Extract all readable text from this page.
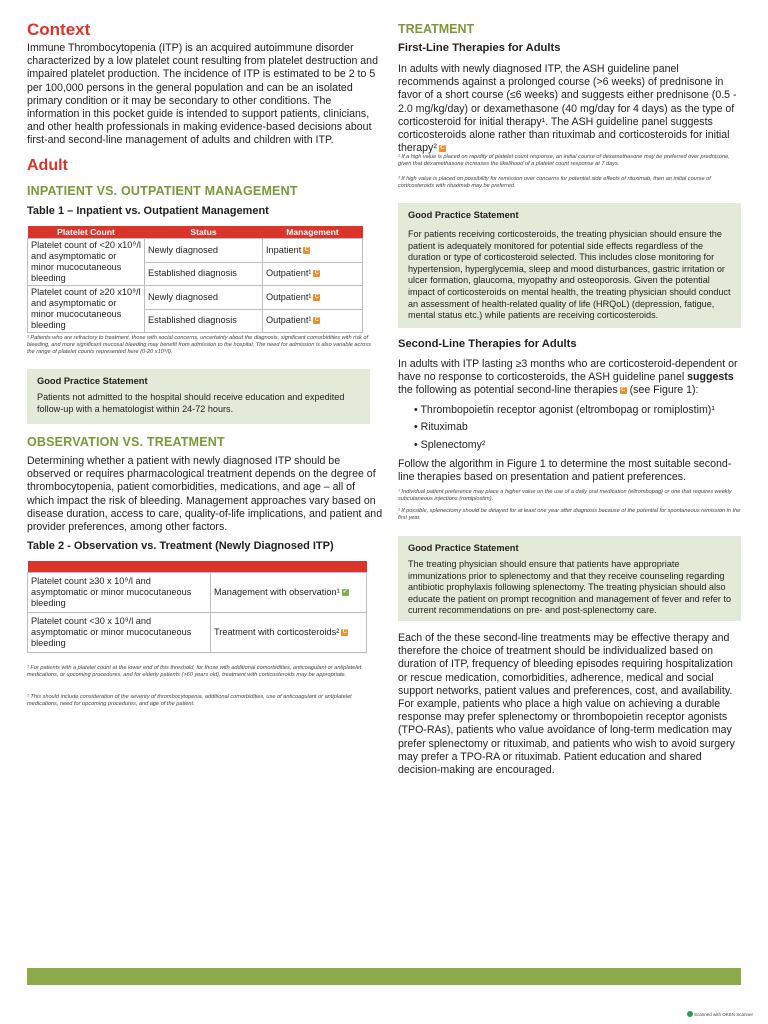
Context

Immune Thrombocytopenia (ITP) is an acquired autoimmune disorder characterized by a low platelet count resulting from platelet destruction and impaired platelet production. The incidence of ITP is estimated to be 2 to 5 per 100,000 persons in the general population and can be an isolated primary condition or it may be secondary to other conditions. The information in this pocket guide is intended to support patients, clinicians, and other health professionals in making evidence-based decisions about first-and second-line management of adults and children with ITP.

Adult
INPATIENT VS. OUTPATIENT MANAGEMENT
Table 1 – Inpatient vs. Outpatient Management
Platelet Count	Status	Management
Platelet count of <20 x10⁹/l and asymptomatic or minor mucocutaneous bleeding	Newly diagnosed	Inpatient C
	Established diagnosis	Outpatient¹ C
Platelet count of ≥20 x10⁹/l and asymptomatic or minor mucocutaneous bleeding	Newly diagnosed	Outpatient¹ C
	Established diagnosis	Outpatient¹ C

¹ Patients who are refractory to treatment, those with social concerns, uncertainty about the diagnosis, significant comorbidities with risk of bleeding, and more significant mucosal bleeding may benefit from admission to the hospital. The need for admission is also variable across the range of platelet counts represented here (0-20 x10⁹/l).

Good Practice Statement

Patients not admitted to the hospital should receive education and expedited follow-up with a hematologist within 24-72 hours.

OBSERVATION VS. TREATMENT

Determining whether a patient with newly diagnosed ITP should be observed or requires pharmacological treatment depends on the degree of thrombocytopenia, patient comorbidities, medications, and age – all of which impact the risk of bleeding. Management approaches vary based on disease duration, access to care, quality-of-life implications, and patient and provider preferences, among other factors.

Table 2 - Observation vs. Treatment (Newly Diagnosed ITP)

Platelet count ≥30 x 10⁹/l and asymptomatic or minor mucocutaneous bleeding	Management with observation¹ ✓
Platelet count <30 x 10⁹/l and asymptomatic or minor mucocutaneous bleeding	Treatment with corticosteroids² C

¹ For patients with a platelet count at the lower end of this threshold, for those with additional comorbidities, anticoagulant or antiplatelet medications, or upcoming procedures, and for elderly patients (>60 years old), treatment with corticosteroids may be appropriate.

² This should include consideration of the severity of thrombocytopenia, additional comorbidities, use of anticoagulant or antiplatelet medications, need for upcoming procedures, and age of the patient.

TREATMENT
First-Line Therapies for Adults

In adults with newly diagnosed ITP, the ASH guideline panel recommends against a prolonged course (>6 weeks) of prednisone in favor of a short course (≤6 weeks) and suggests either prednisone (0.5 - 2.0 mg/kg/day) or dexamethasone (40 mg/day for 4 days) as the type of corticosteroid for initial therapy¹. The ASH guideline panel suggests corticosteroids alone rather than rituximab and corticosteroids for initial therapy² C

¹ If a high value is placed on rapidity of platelet count response, an initial course of dexamethasone may be preferred over prednisone, given that dexamethasone increases the likelihood of a platelet count response at 7 days.

² If high value is placed on possibility for remission over concerns for potential side effects of rituximab, then an initial course of corticosteroids with rituximab may be preferred.

Good Practice Statement

For patients receiving corticosteroids, the treating physician should ensure the patient is adequately monitored for potential side effects regardless of the duration or type of corticosteroid selected. This includes close monitoring for hypertension, hyperglycemia, sleep and mood disturbances, gastric irritation or ulcer formation, glaucoma, myopathy and osteoporosis. Given the potential impact of corticosteroids on mental health, the treating physician should conduct an assessment of health-related quality of life (HRQoL) (depression, fatigue, mental status etc.) while patients are receiving corticosteroids.

Second-Line Therapies for Adults

In adults with ITP lasting ≥3 months who are corticosteroid-dependent or have no response to corticosteroids, the ASH guideline panel suggests the following as potential second-line therapies C (see Figure 1):

• Thrombopoietin receptor agonist (eltrombopag or romiplostim)¹
• Rituximab
• Splenectomy²

Follow the algorithm in Figure 1 to determine the most suitable second-line therapies based on presentation and patient preferences.

¹ Individual patient preference may place a higher value on the use of a daily oral medication (eltrombopag) or one that requires weekly subcutaneous injections (romiplostim).

² If possible, splenectomy should be delayed for at least one year after diagnosis because of the potential for spontaneous remission in the first year.

Good Practice Statement

The treating physician should ensure that patients have appropriate immunizations prior to splenectomy and that they receive counseling regarding antibiotic prophylaxis following splenectomy. The treating physician should also educate the patient on prompt recognition and management of fever and refer to current recommendations on pre- and post-splenectomy care.

Each of the these second-line treatments may be effective therapy and therefore the choice of treatment should be individualized based on duration of ITP, frequency of bleeding episodes requiring hospitalization or rescue medication, comorbidities, adherence, medical and social support networks, patient values and preferences, cost, and availability. For example, patients who place a high value on achieving a durable response may prefer splenectomy or thrombopoietin receptor agonists (TPO-RAs), patients who value avoidance of long-term medication may prefer splenectomy or rituximab, and patients who wish to avoid surgery may prefer a TPO-RA or rituximab. Patient education and shared decision-making are encouraged.

Scanned with OKEN Scanner
